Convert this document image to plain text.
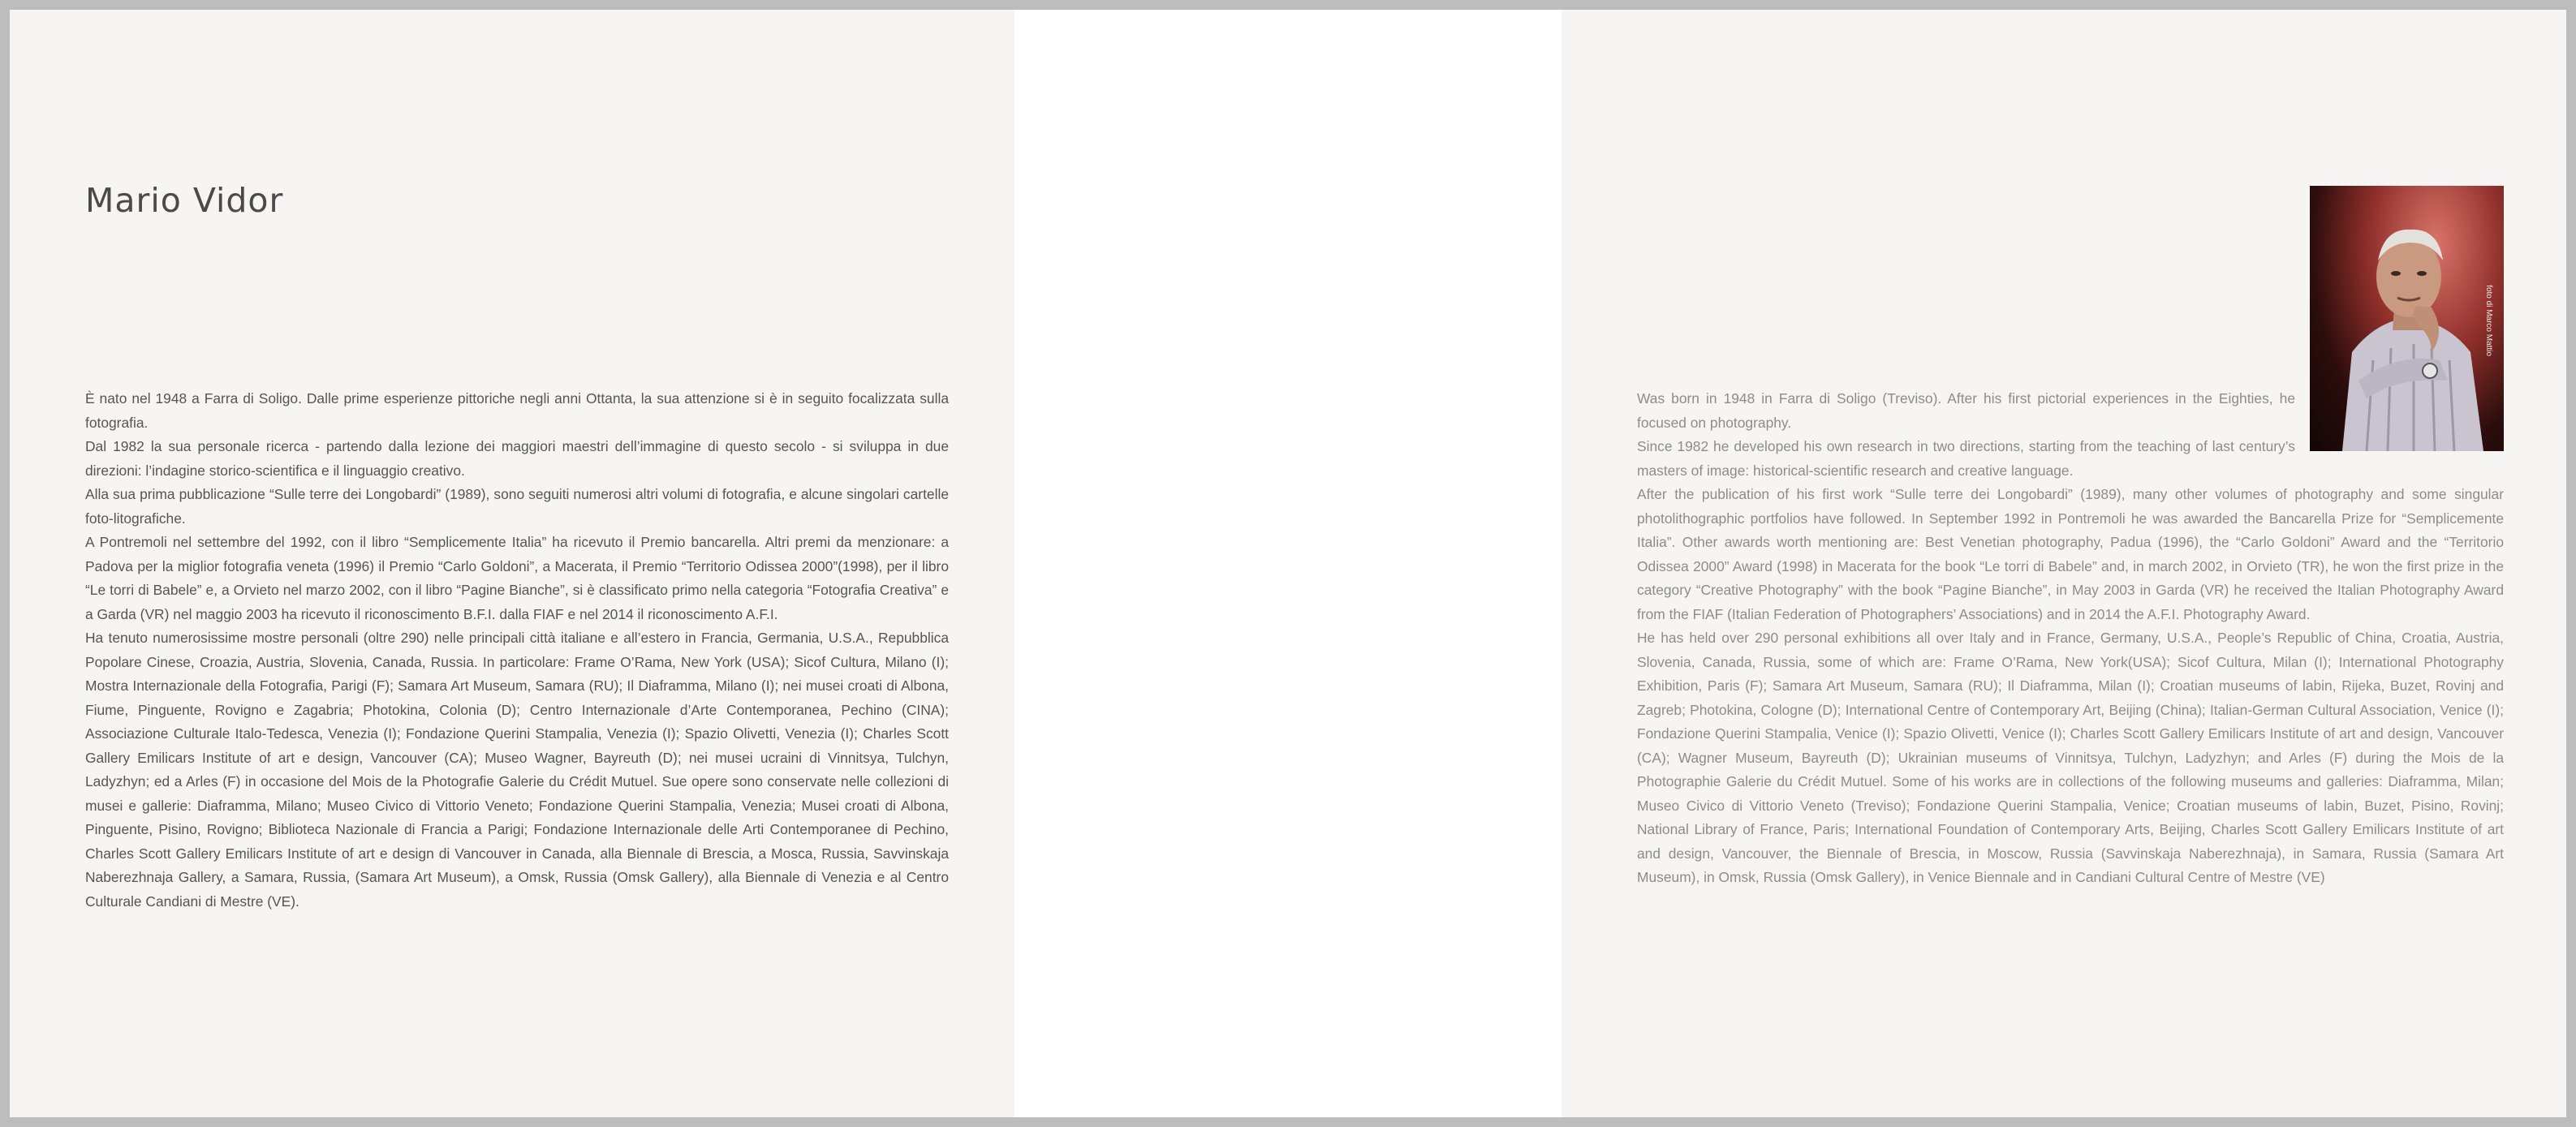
Mario Vidor

È nato nel 1948 a Farra di Soligo. Dalle prime esperienze pittoriche negli anni Ottanta, la sua attenzione si è in seguito focalizzata sulla fotografia.

Dal 1982 la sua personale ricerca - partendo dalla lezione dei maggiori maestri dell’immagine di questo secolo - si sviluppa in due direzioni: l’indagine storico-scientifica e il linguaggio creativo.

Alla sua prima pubblicazione “Sulle terre dei Longobardi” (1989), sono seguiti numerosi altri volumi di fotografia, e alcune singolari cartelle foto-litografiche.

A Pontremoli nel settembre del 1992, con il libro “Semplicemente Italia” ha ricevuto il Premio bancarella. Altri premi da menzionare: a Padova per la miglior fotografia veneta (1996) il Premio “Carlo Goldoni”, a Macerata, il Premio “Territorio Odissea 2000”(1998), per il libro “Le torri di Babele” e, a Orvieto nel marzo 2002, con il libro “Pagine Bianche”, si è classificato primo nella categoria “Fotografia Creativa” e a Garda (VR) nel maggio 2003 ha ricevuto il riconoscimento B.F.I. dalla FIAF e nel 2014 il riconoscimento A.F.I.

Ha tenuto numerosissime mostre personali (oltre 290) nelle principali città italiane e all’estero in Francia, Germania, U.S.A., Repubblica Popolare Cinese, Croazia, Austria, Slovenia, Canada, Russia. In particolare: Frame O’Rama, New York (USA); Sicof Cultura, Milano (I); Mostra Internazionale della Fotografia, Parigi (F); Samara Art Museum, Samara (RU); Il Diaframma, Milano (I); nei musei croati di Albona, Fiume, Pinguente, Rovigno e Zagabria; Photokina, Colonia (D); Centro Internazionale d’Arte Contemporanea, Pechino (CINA); Associazione Culturale Italo-Tedesca, Venezia (I); Fondazione Querini Stampalia, Venezia (I); Spazio Olivetti, Venezia (I); Charles Scott Gallery Emilicars Institute of art e design, Vancouver (CA); Museo Wagner, Bayreuth (D); nei musei ucraini di Vinnitsya, Tulchyn, Ladyzhyn; ed a Arles (F) in occasione del Mois de la Photografie Galerie du Crédit Mutuel. Sue opere sono conservate nelle collezioni di musei e gallerie: Diaframma, Milano; Museo Civico di Vittorio Veneto; Fondazione Querini Stampalia, Venezia; Musei croati di Albona, Pinguente, Pisino, Rovigno; Biblioteca Nazionale di Francia a Parigi; Fondazione Internazionale delle Arti Contemporanee di Pechino, Charles Scott Gallery Emilicars Institute of art e design di Vancouver in Canada, alla Biennale di Brescia, a Mosca, Russia, Savvinskaja Naberezhnaja Gallery, a Samara, Russia, (Samara Art Museum), a Omsk, Russia (Omsk Gallery), alla Biennale di Venezia e al Centro Culturale Candiani di Mestre (VE).

foto di Marco Mattio

Was born in 1948 in Farra di Soligo (Treviso). After his first pictorial experiences in the Eighties, he focused on photography.

Since 1982 he developed his own research in two directions, starting from the teaching of last century’s masters of image: historical-scientific research and creative language.

After the publication of his first work “Sulle terre dei Longobardi” (1989), many other volumes of photography and some singular photolithographic portfolios have followed. In September 1992 in Pontremoli he was awarded the Bancarella Prize for “Semplicemente Italia”. Other awards worth mentioning are: Best Venetian photography, Padua (1996), the “Carlo Goldoni” Award and the “Territorio Odissea 2000” Award (1998) in Macerata for the book “Le torri di Babele” and, in march 2002, in Orvieto (TR), he won the first prize in the category “Creative Photography” with the book “Pagine Bianche”, in May 2003 in Garda (VR) he received the Italian Photography Award from the FIAF (Italian Federation of Photographers’ Associations) and in 2014 the A.F.I. Photography Award.

He has held over 290 personal exhibitions all over Italy and in France, Germany, U.S.A., People’s Republic of China, Croatia, Austria, Slovenia, Canada, Russia, some of which are: Frame O’Rama, New York(USA); Sicof Cultura, Milan (I); International Photography Exhibition, Paris (F); Samara Art Museum, Samara (RU); Il Diaframma, Milan (I); Croatian museums of labin, Rijeka, Buzet, Rovinj and Zagreb; Photokina, Cologne (D); International Centre of Contemporary Art, Beijing (China); Italian-German Cultural Association, Venice (I); Fondazione Querini Stampalia, Venice (I); Spazio Olivetti, Venice (I); Charles Scott Gallery Emilicars Institute of art and design, Vancouver (CA); Wagner Museum, Bayreuth (D); Ukrainian museums of Vinnitsya, Tulchyn, Ladyzhyn; and Arles (F) during the Mois de la Photographie Galerie du Crédit Mutuel. Some of his works are in collections of the following museums and galleries: Diaframma, Milan; Museo Civico di Vittorio Veneto (Treviso); Fondazione Querini Stampalia, Venice; Croatian museums of labin, Buzet, Pisino, Rovinj; National Library of France, Paris; International Foundation of Contemporary Arts, Beijing, Charles Scott Gallery Emilicars Institute of art and design, Vancouver, the Biennale of Brescia, in Moscow, Russia (Savvinskaja Naberezhnaja), in Samara, Russia (Samara Art Museum), in Omsk, Russia (Omsk Gallery), in Venice Biennale and in Candiani Cultural Centre of Mestre (VE)
